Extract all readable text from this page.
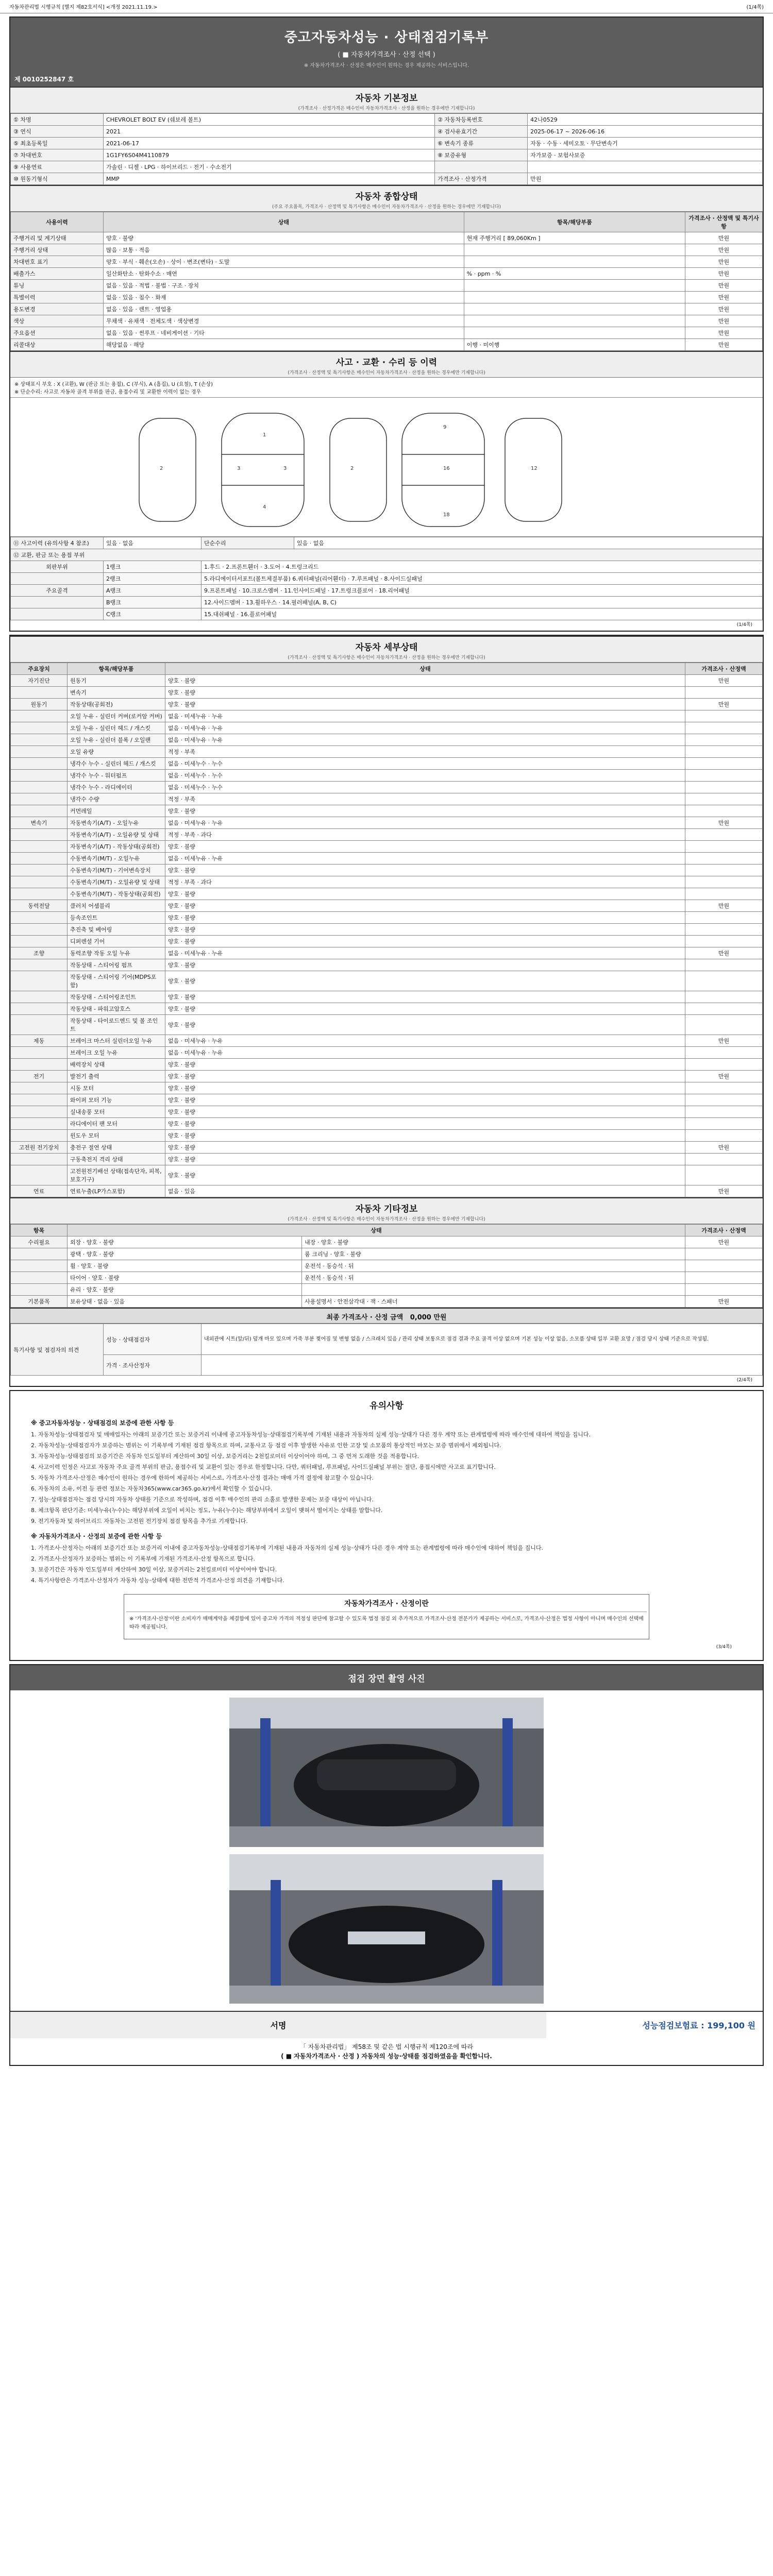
자동차관리법 시행규칙 [별지 제82호서식] <개정 2021.11.19.>	(1/4쪽)
중고자동차성능 · 상태점검기록부
( ■ 자동차가격조사 · 산정 선택 )
※ 자동차가격조사 · 산정은 매수인이 원하는 경우 제공하는 서비스입니다.
제 0010252847 호
자동차 기본정보
(가격조사 · 산정가격은 매수인이 자동차가격조사 · 산정을 원하는 경우에만 기재합니다)
① 차명	CHEVROLET BOLT EV (쉐보레 볼트)	② 자동차등록번호	42나0529
③ 연식	2021	④ 검사유효기간	2025-06-17 ~ 2026-06-16
⑤ 최초등록일	2021-06-17	⑥ 변속기 종류	자동 · 수동 · 세미오토 · 무단변속기
⑦ 차대번호	1G1FY6S04M4110879	⑧ 보증유형	자가보증 · 보험사보증
⑨ 사용연료	가솔린 · 디젤 · LPG · 하이브리드 · 전기 · 수소전기		
⑩ 원동기형식	MMP	가격조사 · 산정가격	만원
자동차 종합상태
(주요 주요품목, 가격조사 · 산정액 및 특기사항은 매수인이 자동차가격조사 · 산정을 원하는 경우에만 기재합니다)
사용이력	상태	항목/해당부품	가격조사 · 산정액 및 특기사항
주행거리 및 계기상태	양호 · 불량	현재 주행거리 [ 89,060Km ]	만원
주행거리 상태	많음 · 보통 · 적음		만원
차대번호 표기	양호 · 부식 · 훼손(오손) · 상이 · 변조(변타) · 도말		만원
배출가스	일산화탄소 · 탄화수소 · 매연	% · ppm · %	만원
튜닝	없음 · 있음 · 적법 · 불법 · 구조 · 장치		만원
특별이력	없음 · 있음 · 침수 · 화재		만원
용도변경	없음 · 있음 · 렌트 · 영업용		만원
색상	무채색 · 유채색 · 전체도색 · 색상변경		만원
주요옵션	없음 · 있음 · 썬루프 · 네비게이션 · 기타		만원
리콜대상	해당없음 · 해당	이행 · 미이행	만원
사고 · 교환 · 수리 등 이력
(가격조사 · 산정액 및 특기사항은 매수인이 자동차가격조사 · 산정을 원하는 경우에만 기재합니다)
※ 상태표시 부호 : X (교환), W (판금 또는 용접), C (부식), A (흠집), U (요철), T (손상)
※ 단순수리: 사고로 자동차 골격 부위를 판금, 용접수리 및 교환한 이력이 없는 경우
1
3	3
4
2	2	16	12
9
18
⑪ 사고이력 (유의사항 4 참조)	있음 · 없음	단순수리	있음 · 없음
⑫ 교환, 판금 또는 용접 부위			
외판부위	1랭크	1.후드 · 2.프론트휀더 · 3.도어 · 4.트렁크리드	
	2랭크	5.라디에이터서포트(볼트체결부품) 6.쿼터패널(리어휀더) · 7.루프패널 · 8.사이드실패널	
주요골격	A랭크	9.프론트패널 · 10.크로스멤버 · 11.인사이드패널 · 17.트렁크플로어 · 18.리어패널	
	B랭크	12.사이드멤버 · 13.휠하우스 · 14.필러패널(A, B, C)	
	C랭크	15.대쉬패널 · 16.플로어패널	
(1/4쪽)
자동차 세부상태
(가격조사 · 산정액 및 특기사항은 매수인이 자동차가격조사 · 산정을 원하는 경우에만 기재합니다)
주요장치	항목/해당부품	상태	가격조사 · 산정액
자기진단	원동기	양호 · 불량	만원
	변속기	양호 · 불량	
원동기	작동상태(공회전)	양호 · 불량	만원
	오일 누유 - 실린더 커버(로커암 커버)	없음 · 미세누유 · 누유	
	오일 누유 - 실린더 헤드 / 개스킷	없음 · 미세누유 · 누유	
	오일 누유 - 실린더 블록 / 오일팬	없음 · 미세누유 · 누유	
	오일 유량	적정 · 부족	
	냉각수 누수 - 실린더 헤드 / 개스킷	없음 · 미세누수 · 누수	
	냉각수 누수 - 워터펌프	없음 · 미세누수 · 누수	
	냉각수 누수 - 라디에이터	없음 · 미세누수 · 누수	
	냉각수 수량	적정 · 부족	
	커먼레일	양호 · 불량	
변속기	자동변속기(A/T) - 오일누유	없음 · 미세누유 · 누유	만원
	자동변속기(A/T) - 오일유량 및 상태	적정 · 부족 · 과다	
	자동변속기(A/T) - 작동상태(공회전)	양호 · 불량	
	수동변속기(M/T) - 오일누유	없음 · 미세누유 · 누유	
	수동변속기(M/T) - 기어변속장치	양호 · 불량	
	수동변속기(M/T) - 오일유량 및 상태	적정 · 부족 · 과다	
	수동변속기(M/T) - 작동상태(공회전)	양호 · 불량	
동력전달	클러치 어셈블리	양호 · 불량	만원
	등속조인트	양호 · 불량	
	추진축 및 베어링	양호 · 불량	
	디퍼렌셜 기어	양호 · 불량	
조향	동력조향 작동 오일 누유	없음 · 미세누유 · 누유	만원
	작동상태 - 스티어링 펌프	양호 · 불량	
	작동상태 - 스티어링 기어(MDPS포함)	양호 · 불량	
	작동상태 - 스티어링조인트	양호 · 불량	
	작동상태 - 파워고압호스	양호 · 불량	
	작동상태 - 타이로드엔드 및 볼 조인트	양호 · 불량	
제동	브레이크 마스터 실린더오일 누유	없음 · 미세누유 · 누유	만원
	브레이크 오일 누유	없음 · 미세누유 · 누유	
	배력장치 상태	양호 · 불량	
전기	발전기 출력	양호 · 불량	만원
	시동 모터	양호 · 불량	
	와이퍼 모터 기능	양호 · 불량	
	실내송풍 모터	양호 · 불량	
	라디에이터 팬 모터	양호 · 불량	
	윈도우 모터	양호 · 불량	
고전원 전기장치	충전구 절연 상태	양호 · 불량	만원
	구동축전지 격리 상태	양호 · 불량	
	고전원전기배선 상태(접속단자, 피복, 보호기구)	양호 · 불량	
연료	연료누출(LP가스포함)	없음 · 있음	만원
자동차 기타정보
(가격조사 · 산정액 및 특기사항은 매수인이 자동차가격조사 · 산정을 원하는 경우에만 기재합니다)
항목	상태		가격조사 · 산정액
수리필요	외장 · 양호 · 불량	내장 · 양호 · 불량	만원
	광택 · 양호 · 불량	룸 크리닝 · 양호 · 불량	
	휠 · 양호 · 불량	운전석 · 동승석 · 뒤	
	타이어 · 양호 · 불량	운전석 · 동승석 · 뒤	
	유리 · 양호 · 불량		
기본품목	보유상태 · 없음 · 있음	사용설명서 · 안전삼각대 · 잭 · 스패너	만원
최종 가격조사 · 산정 금액 0,000 만원
특기사항 및 점검자의 의견	성능 · 상태점검자	내외관에 시트(앞/뒤) 덮개 마모 있으며 가죽 부분 찢어짐 및 변형 없음 / 스크래치 있음 / 관리 상태 보통으로 점검 결과 주요 골격 이상 없으며 기본 성능 이상 없음, 소모품 상태 일부 교환 요망 / 점검 당시 상태 기준으로 작성됨.
	가격 · 조사산정자	
(2/4쪽)
유의사항
※ 중고자동차성능 · 상태점검의 보증에 관한 사항 등

1. 자동차성능·상태점검자 및 매매업자는 아래의 보증기간 또는 보증거리 이내에 중고자동차성능·상태점검기록부에 기재된 내용과 자동차의 실제 성능·상태가 다른 경우 계약 또는 관계법령에 따라 매수인에 대하여 책임을 집니다.

2. 자동차성능·상태점검자가 보증하는 범위는 이 기록부에 기재된 점검 항목으로 하며, 교통사고 등 점검 이후 발생한 사유로 인한 고장 및 소모품의 통상적인 마모는 보증 범위에서 제외됩니다.

3. 자동차성능·상태점검의 보증기간은 자동차 인도일부터 계산하여 30일 이상, 보증거리는 2천킬로미터 이상이어야 하며, 그 중 먼저 도래한 것을 적용합니다.

4. 사고이력 인정은 사고로 자동차 주요 골격 부위의 판금, 용접수리 및 교환이 있는 경우로 한정합니다. 다만, 쿼터패널, 루프패널, 사이드실패널 부위는 절단, 용접시에만 사고로 표기합니다.

5. 자동차 가격조사·산정은 매수인이 원하는 경우에 한하여 제공하는 서비스로, 가격조사·산정 결과는 매매 가격 결정에 참고할 수 있습니다.

6. 자동차의 소유, 이전 등 관련 정보는 자동차365(www.car365.go.kr)에서 확인할 수 있습니다.

7. 성능·상태점검자는 점검 당시의 자동차 상태를 기준으로 작성하며, 점검 이후 매수인의 관리 소홀로 발생한 문제는 보증 대상이 아닙니다.

8. 체크항목 판단기준: 미세누유(누수)는 해당부위에 오일이 비치는 정도, 누유(누수)는 해당부위에서 오일이 맺혀서 떨어지는 상태를 말합니다.

9. 전기자동차 및 하이브리드 자동차는 고전원 전기장치 점검 항목을 추가로 기재합니다.

※ 자동차가격조사 · 산정의 보증에 관한 사항 등

1. 가격조사·산정자는 아래의 보증기간 또는 보증거리 이내에 중고자동차성능·상태점검기록부에 기재된 내용과 자동차의 실제 성능·상태가 다른 경우 계약 또는 관계법령에 따라 매수인에 대하여 책임을 집니다.

2. 가격조사·산정자가 보증하는 범위는 이 기록부에 기재된 가격조사·산정 항목으로 합니다.

3. 보증기간은 자동차 인도일부터 계산하여 30일 이상, 보증거리는 2천킬로미터 이상이어야 합니다.

4. 특기사항란은 가격조사·산정자가 자동차 성능·상태에 대한 전반적 가격조사·산정 의견을 기재합니다.

자동차가격조사 · 산정이란

※ '가격조사·산정'이란 소비자가 매매계약을 체결함에 있어 중고차 가격의 적정성 판단에 참고할 수 있도록 법정 점검 외 추가적으로 가격조사·산정 전문가가 제공하는 서비스로, 가격조사·산정은 법정 사항이 아니며 매수인의 선택에 따라 제공됩니다.

(3/4쪽)
점검 장면 촬영 사진
서명	성능점검보험료 : 199,100 원
「 자동차관리법」 제58조 및 같은 법 시행규칙 제120조에 따라
( ■ 자동차가격조사 · 산정 ) 자동차의 성능·상태를 점검하였음을 확인합니다.
